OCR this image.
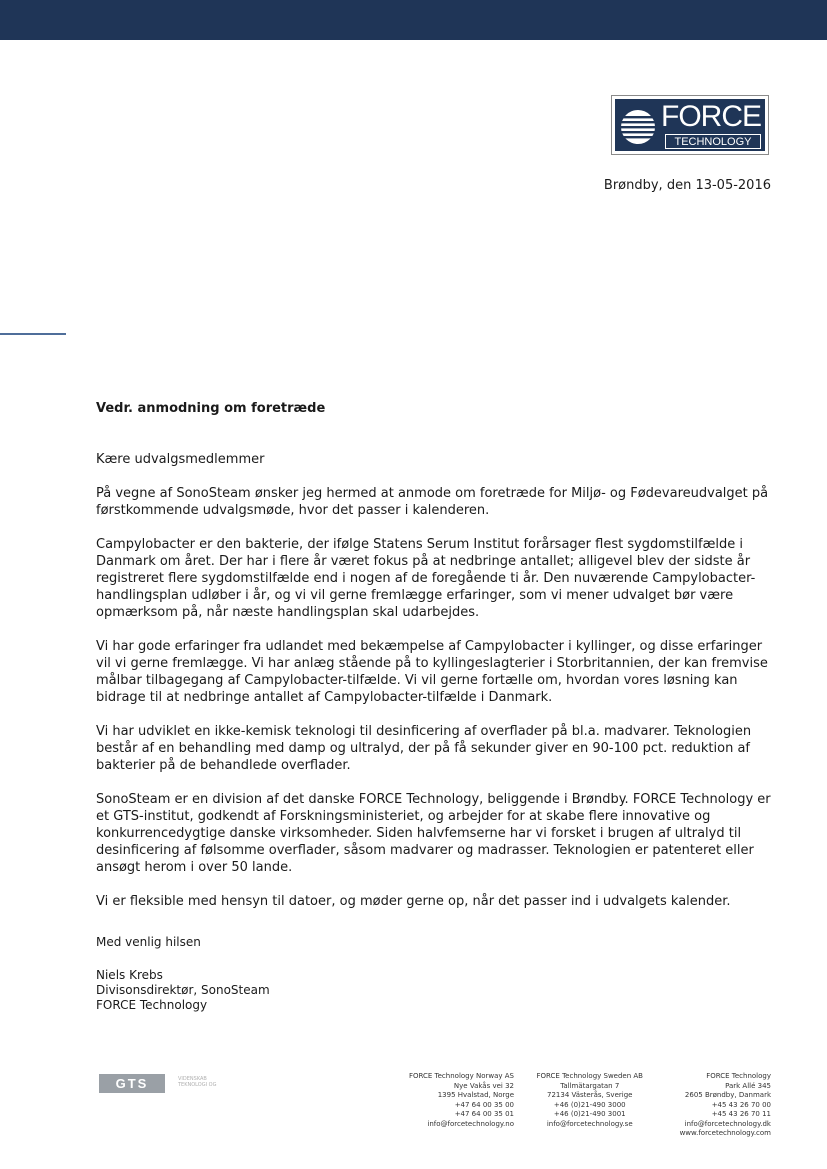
FORCE
TECHNOLOGY
Brøndby, den 13-05-2016

Vedr. anmodning om foretræde

Kære udvalgsmedlemmer

På vegne af SonoSteam ønsker jeg hermed at anmode om foretræde for Miljø- og Fødevareudvalget på førstkommende udvalgsmøde, hvor det passer i kalenderen.

Campylobacter er den bakterie, der ifølge Statens Serum Institut forårsager flest sygdomstilfælde i Danmark om året. Der har i flere år været fokus på at nedbringe antallet; alligevel blev der sidste år registreret flere sygdomstilfælde end i nogen af de foregående ti år. Den nuværende Campylobacter-handlingsplan udløber i år, og vi vil gerne fremlægge erfaringer, som vi mener udvalget bør være opmærksom på, når næste handlingsplan skal udarbejdes.

Vi har gode erfaringer fra udlandet med bekæmpelse af Campylobacter i kyllinger, og disse erfaringer vil vi gerne fremlægge. Vi har anlæg stående på to kyllingeslagterier i Storbritannien, der kan fremvise målbar tilbagegang af Campylobacter-tilfælde. Vi vil gerne fortælle om, hvordan vores løsning kan bidrage til at nedbringe antallet af Campylobacter-tilfælde i Danmark.

Vi har udviklet en ikke-kemisk teknologi til desinficering af overflader på bl.a. madvarer. Teknologien består af en behandling med damp og ultralyd, der på få sekunder giver en 90-100 pct. reduktion af bakterier på de behandlede overflader.

SonoSteam er en division af det danske FORCE Technology, beliggende i Brøndby. FORCE Technology er et GTS-institut, godkendt af Forskningsministeriet, og arbejder for at skabe flere innovative og konkurrencedygtige danske virksomheder. Siden halvfemserne har vi forsket i brugen af ultralyd til desinficering af følsomme overflader, såsom madvarer og madrasser. Teknologien er patenteret eller ansøgt herom i over 50 lande.

Vi er fleksible med hensyn til datoer, og møder gerne op, når det passer ind i udvalgets kalender.

Med venlig hilsen

Niels Krebs
Divisonsdirektør, SonoSteam
FORCE Technology
GTS	VIDENSKAB
TEKNOLOGI OG
FORCE Technology Norway AS
Nye Vakås vei 32
1395 Hvalstad, Norge
+47 64 00 35 00
+47 64 00 35 01
info@forcetechnology.no
FORCE Technology Sweden AB
Tallmätargatan 7
72134 Västerås, Sverige
+46 (0)21-490 3000
+46 (0)21-490 3001
info@forcetechnology.se
FORCE Technology
Park Allé 345
2605 Brøndby, Danmark
+45 43 26 70 00
+45 43 26 70 11
info@forcetechnology.dk
www.forcetechnology.com
